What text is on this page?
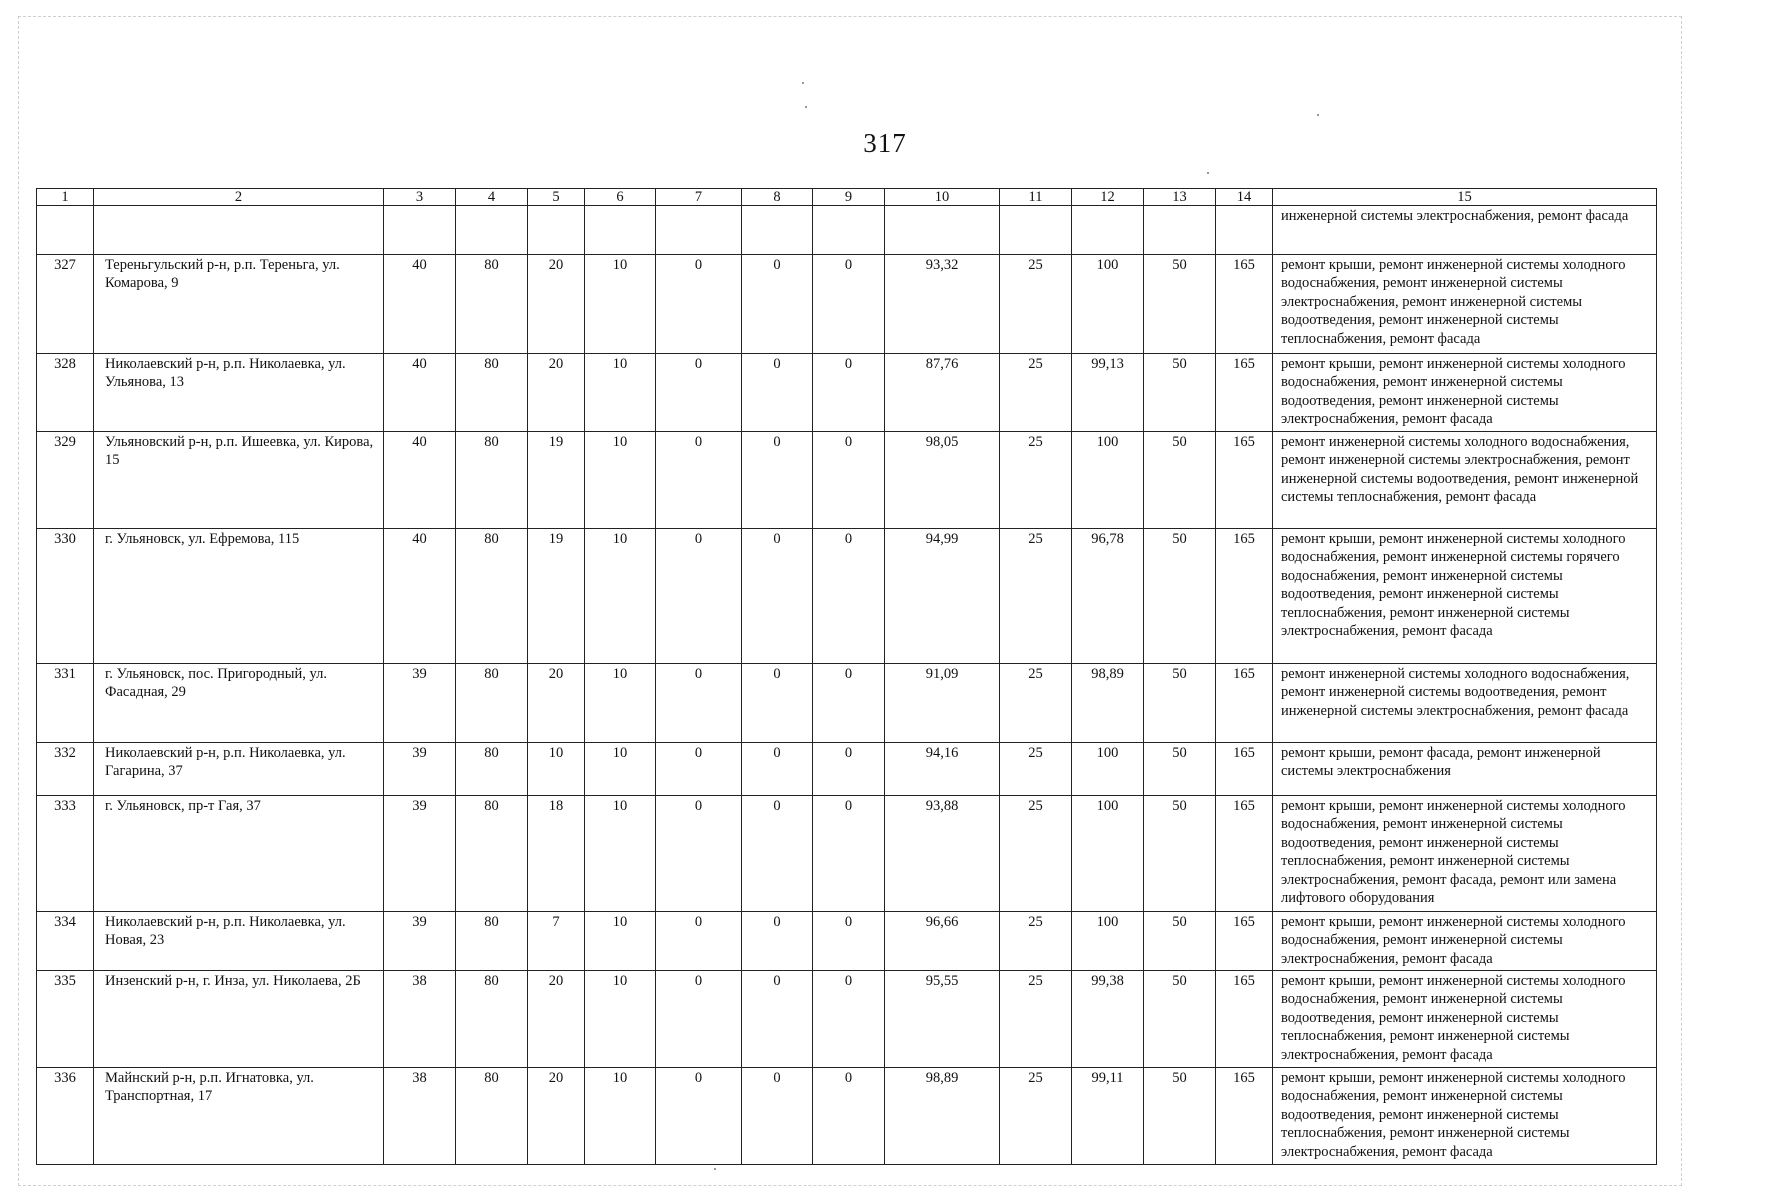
317
1	2	3	4	5	6	7	8	9	10	11	12	13	14	15
														инженерной системы электроснабжения, ремонт фасада
327	Тереньгульский р-н, р.п. Тереньга, ул. Комарова, 9	40	80	20	10	0	0	0	93,32	25	100	50	165	ремонт крыши, ремонт инженерной системы холодного водоснабжения, ремонт инженерной системы электроснабжения, ремонт инженерной системы водоотведения, ремонт инженерной системы теплоснабжения, ремонт фасада
328	Николаевский р-н, р.п. Николаевка, ул. Ульянова, 13	40	80	20	10	0	0	0	87,76	25	99,13	50	165	ремонт крыши, ремонт инженерной системы холодного водоснабжения, ремонт инженерной системы водоотведения, ремонт инженерной системы электроснабжения, ремонт фасада
329	Ульяновский р-н, р.п. Ишеевка, ул. Кирова, 15	40	80	19	10	0	0	0	98,05	25	100	50	165	ремонт инженерной системы холодного водоснабжения, ремонт инженерной системы электроснабжения, ремонт инженерной системы водоотведения, ремонт инженерной системы теплоснабжения, ремонт фасада
330	г. Ульяновск, ул. Ефремова, 115	40	80	19	10	0	0	0	94,99	25	96,78	50	165	ремонт крыши, ремонт инженерной системы холодного водоснабжения, ремонт инженерной системы горячего водоснабжения, ремонт инженерной системы водоотведения, ремонт инженерной системы теплоснабжения, ремонт инженерной системы электроснабжения, ремонт фасада
331	г. Ульяновск, пос. Пригородный, ул. Фасадная, 29	39	80	20	10	0	0	0	91,09	25	98,89	50	165	ремонт инженерной системы холодного водоснабжения, ремонт инженерной системы водоотведения, ремонт инженерной системы электроснабжения, ремонт фасада
332	Николаевский р-н, р.п. Николаевка, ул. Гагарина, 37	39	80	10	10	0	0	0	94,16	25	100	50	165	ремонт крыши, ремонт фасада, ремонт инженерной системы электроснабжения
333	г. Ульяновск, пр-т Гая, 37	39	80	18	10	0	0	0	93,88	25	100	50	165	ремонт крыши, ремонт инженерной системы холодного водоснабжения, ремонт инженерной системы водоотведения, ремонт инженерной системы теплоснабжения, ремонт инженерной системы электроснабжения, ремонт фасада, ремонт или замена лифтового оборудования
334	Николаевский р-н, р.п. Николаевка, ул. Новая, 23	39	80	7	10	0	0	0	96,66	25	100	50	165	ремонт крыши, ремонт инженерной системы холодного водоснабжения, ремонт инженерной системы электроснабжения, ремонт фасада
335	Инзенский р-н, г. Инза, ул. Николаева, 2Б	38	80	20	10	0	0	0	95,55	25	99,38	50	165	ремонт крыши, ремонт инженерной системы холодного водоснабжения, ремонт инженерной системы водоотведения, ремонт инженерной системы теплоснабжения, ремонт инженерной системы электроснабжения, ремонт фасада
336	Майнский р-н, р.п. Игнатовка, ул. Транспортная, 17	38	80	20	10	0	0	0	98,89	25	99,11	50	165	ремонт крыши, ремонт инженерной системы холодного водоснабжения, ремонт инженерной системы водоотведения, ремонт инженерной системы теплоснабжения, ремонт инженерной системы электроснабжения, ремонт фасада
